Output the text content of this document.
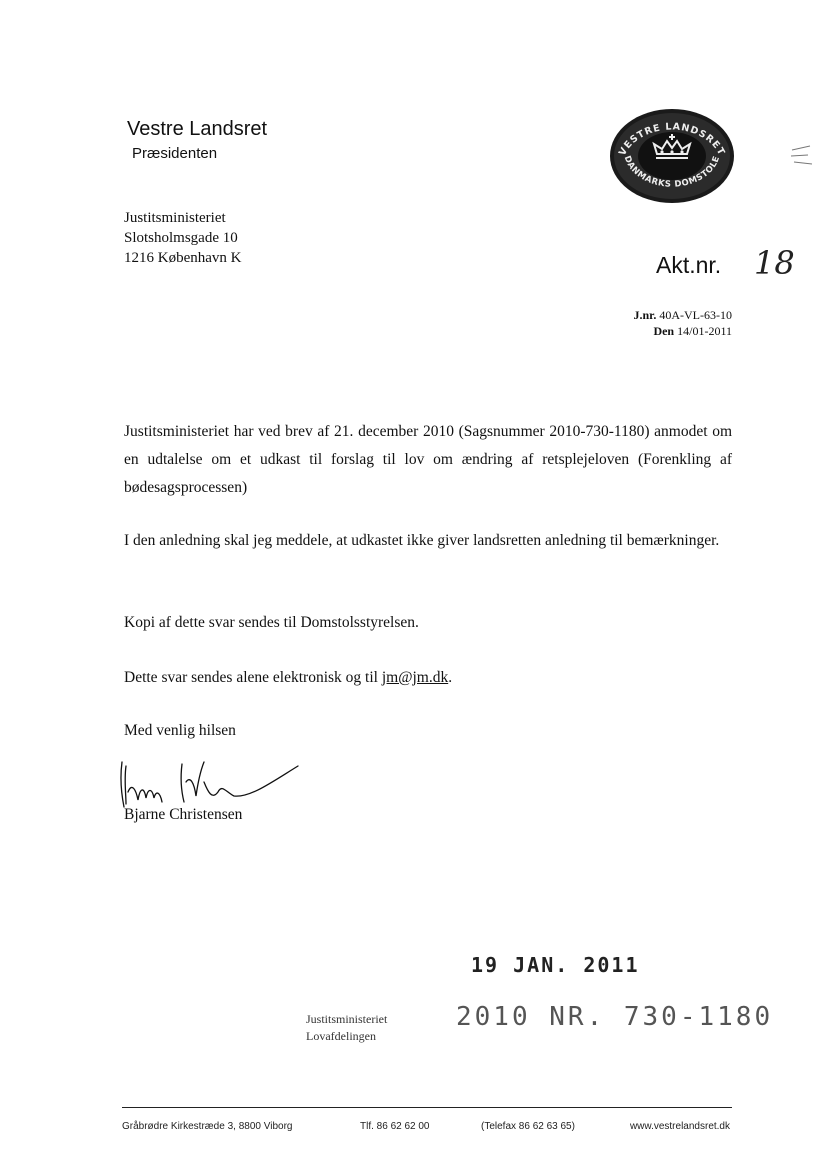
Vestre Landsret
Præsidenten	VESTRE LANDSRET
DANMARKS DOMSTOLE
Justitsministeriet
Slotsholmsgade 10
1216 København K	Akt.nr. 18
J.nr. 40A-VL-63-10
Den 14/01-2011
Justitsministeriet har ved brev af 21. december 2010 (Sagsnummer 2010-730-1180) anmodet om en udtalelse om et udkast til forslag til lov om ændring af retsplejeloven (Forenkling af bødesagsprocessen)
I den anledning skal jeg meddele, at udkastet ikke giver landsretten anledning til bemærkninger.
Kopi af dette svar sendes til Domstolsstyrelsen.
Dette svar sendes alene elektronisk og til jm@jm.dk.
Med venlig hilsen
Bjarne Christensen
19 JAN. 2011
Justitsministeriet
Lovafdelingen
2010 NR. 730-1180
Gråbrødre Kirkestræde 3, 8800 Viborg	Tlf. 86 62 62 00	(Telefax 86 62 63 65)	www.vestrelandsret.dk
